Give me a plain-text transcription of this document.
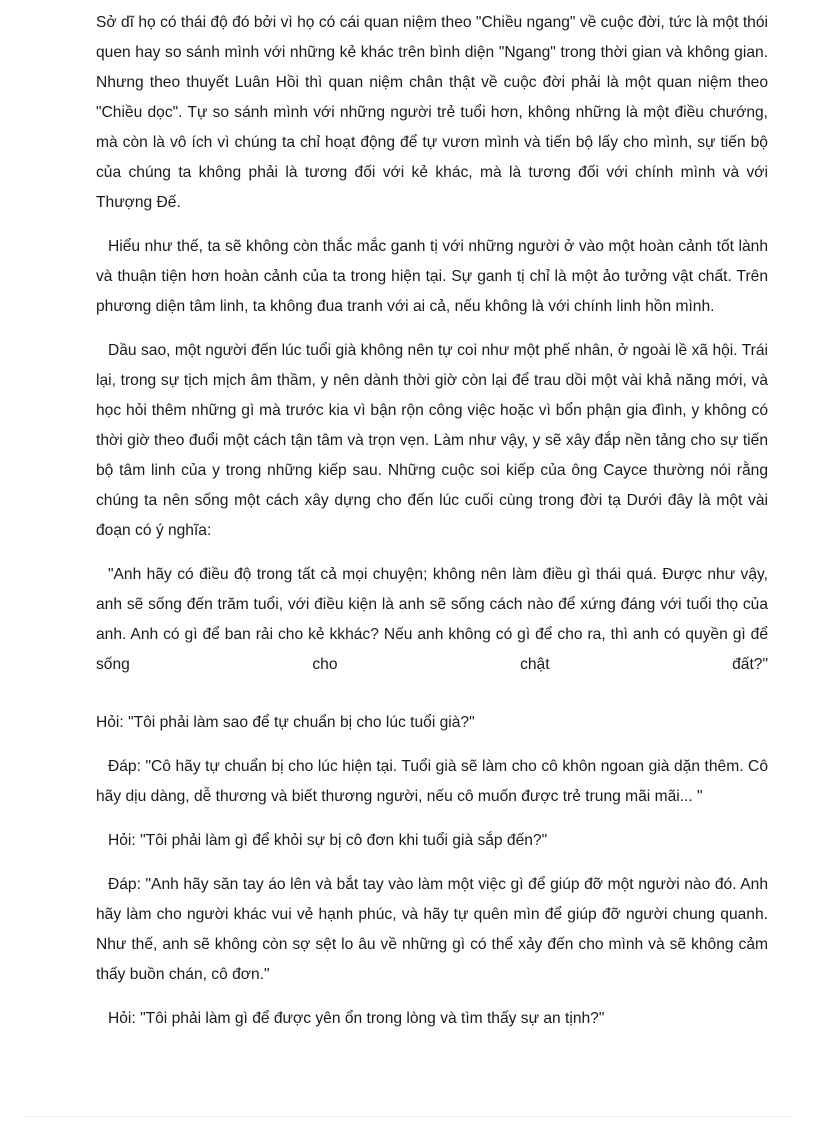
Sở dĩ họ có thái độ đó bởi vì họ có cái quan niệm theo "Chiều ngang" về cuộc đời, tức là một thói quen hay so sánh mình với những kẻ khác trên bình diện "Ngang" trong thời gian và không gian. Nhưng theo thuyết Luân Hồi thì quan niệm chân thật về cuộc đời phải là một quan niệm theo "Chiều dọc". Tự so sánh mình với những người trẻ tuổi hơn, không những là một điều chướng, mà còn là vô ích vì chúng ta chỉ hoạt động để tự vươn mình và tiến bộ lấy cho mình, sự tiến bộ của chúng ta không phải là tương đối với kẻ khác, mà là tương đối với chính mình và với Thượng Đế.

Hiểu như thế, ta sẽ không còn thắc mắc ganh tị với những người ở vào một hoàn cảnh tốt lành và thuận tiện hơn hoàn cảnh của ta trong hiện tại. Sự ganh tị chỉ là một ảo tưởng vật chất. Trên phương diện tâm linh, ta không đua tranh với ai cả, nếu không là với chính linh hồn mình.

Dầu sao, một người đến lúc tuổi già không nên tự coi như một phế nhân, ở ngoài lề xã hội. Trái lại, trong sự tịch mịch âm thầm, y nên dành thời giờ còn lại để trau dồi một vài khả năng mới, và học hỏi thêm những gì mà trước kia vì bận rộn công việc hoặc vì bổn phận gia đình, y không có thời giờ theo đuổi một cách tận tâm và trọn vẹn. Làm như vậy, y sẽ xây đắp nền tảng cho sự tiến bộ tâm linh của y trong những kiếp sau. Những cuộc soi kiếp của ông Cayce thường nói rằng chúng ta nên sống một cách xây dựng cho đến lúc cuối cùng trong đời tạ Dưới đây là một vài đoạn có ý nghĩa:

"Anh hãy có điều độ trong tất cả mọi chuyện; không nên làm điều gì thái quá. Được như vậy, anh sẽ sống đến trăm tuổi, với điều kiện là anh sẽ sống cách nào để xứng đáng với tuổi thọ của anh. Anh có gì để ban rải cho kẻ kkhác? Nếu anh không có gì để cho ra, thì anh có quyền gì để sống cho chật đất?"

Hỏi: "Tôi phải làm sao để tự chuẩn bị cho lúc tuổi già?"

Đáp: "Cô hãy tự chuẩn bị cho lúc hiện tại. Tuổi già sẽ làm cho cô khôn ngoan già dặn thêm. Cô hãy dịu dàng, dễ thương và biết thương người, nếu cô muốn được trẻ trung mãi mãi... "

Hỏi: "Tôi phải làm gì để khỏi sự bị cô đơn khi tuổi già sắp đến?"

Đáp: "Anh hãy săn tay áo lên và bắt tay vào làm một việc gì để giúp đỡ một người nào đó. Anh hãy làm cho người khác vui vẻ hạnh phúc, và hãy tự quên mìn để giúp đỡ người chung quanh. Như thế, anh sẽ không còn sợ sệt lo âu về những gì có thể xảy đến cho mình và sẽ không cảm thấy buồn chán, cô đơn."

Hỏi: "Tôi phải làm gì để được yên ổn trong lòng và tìm thấy sự an tịnh?"
